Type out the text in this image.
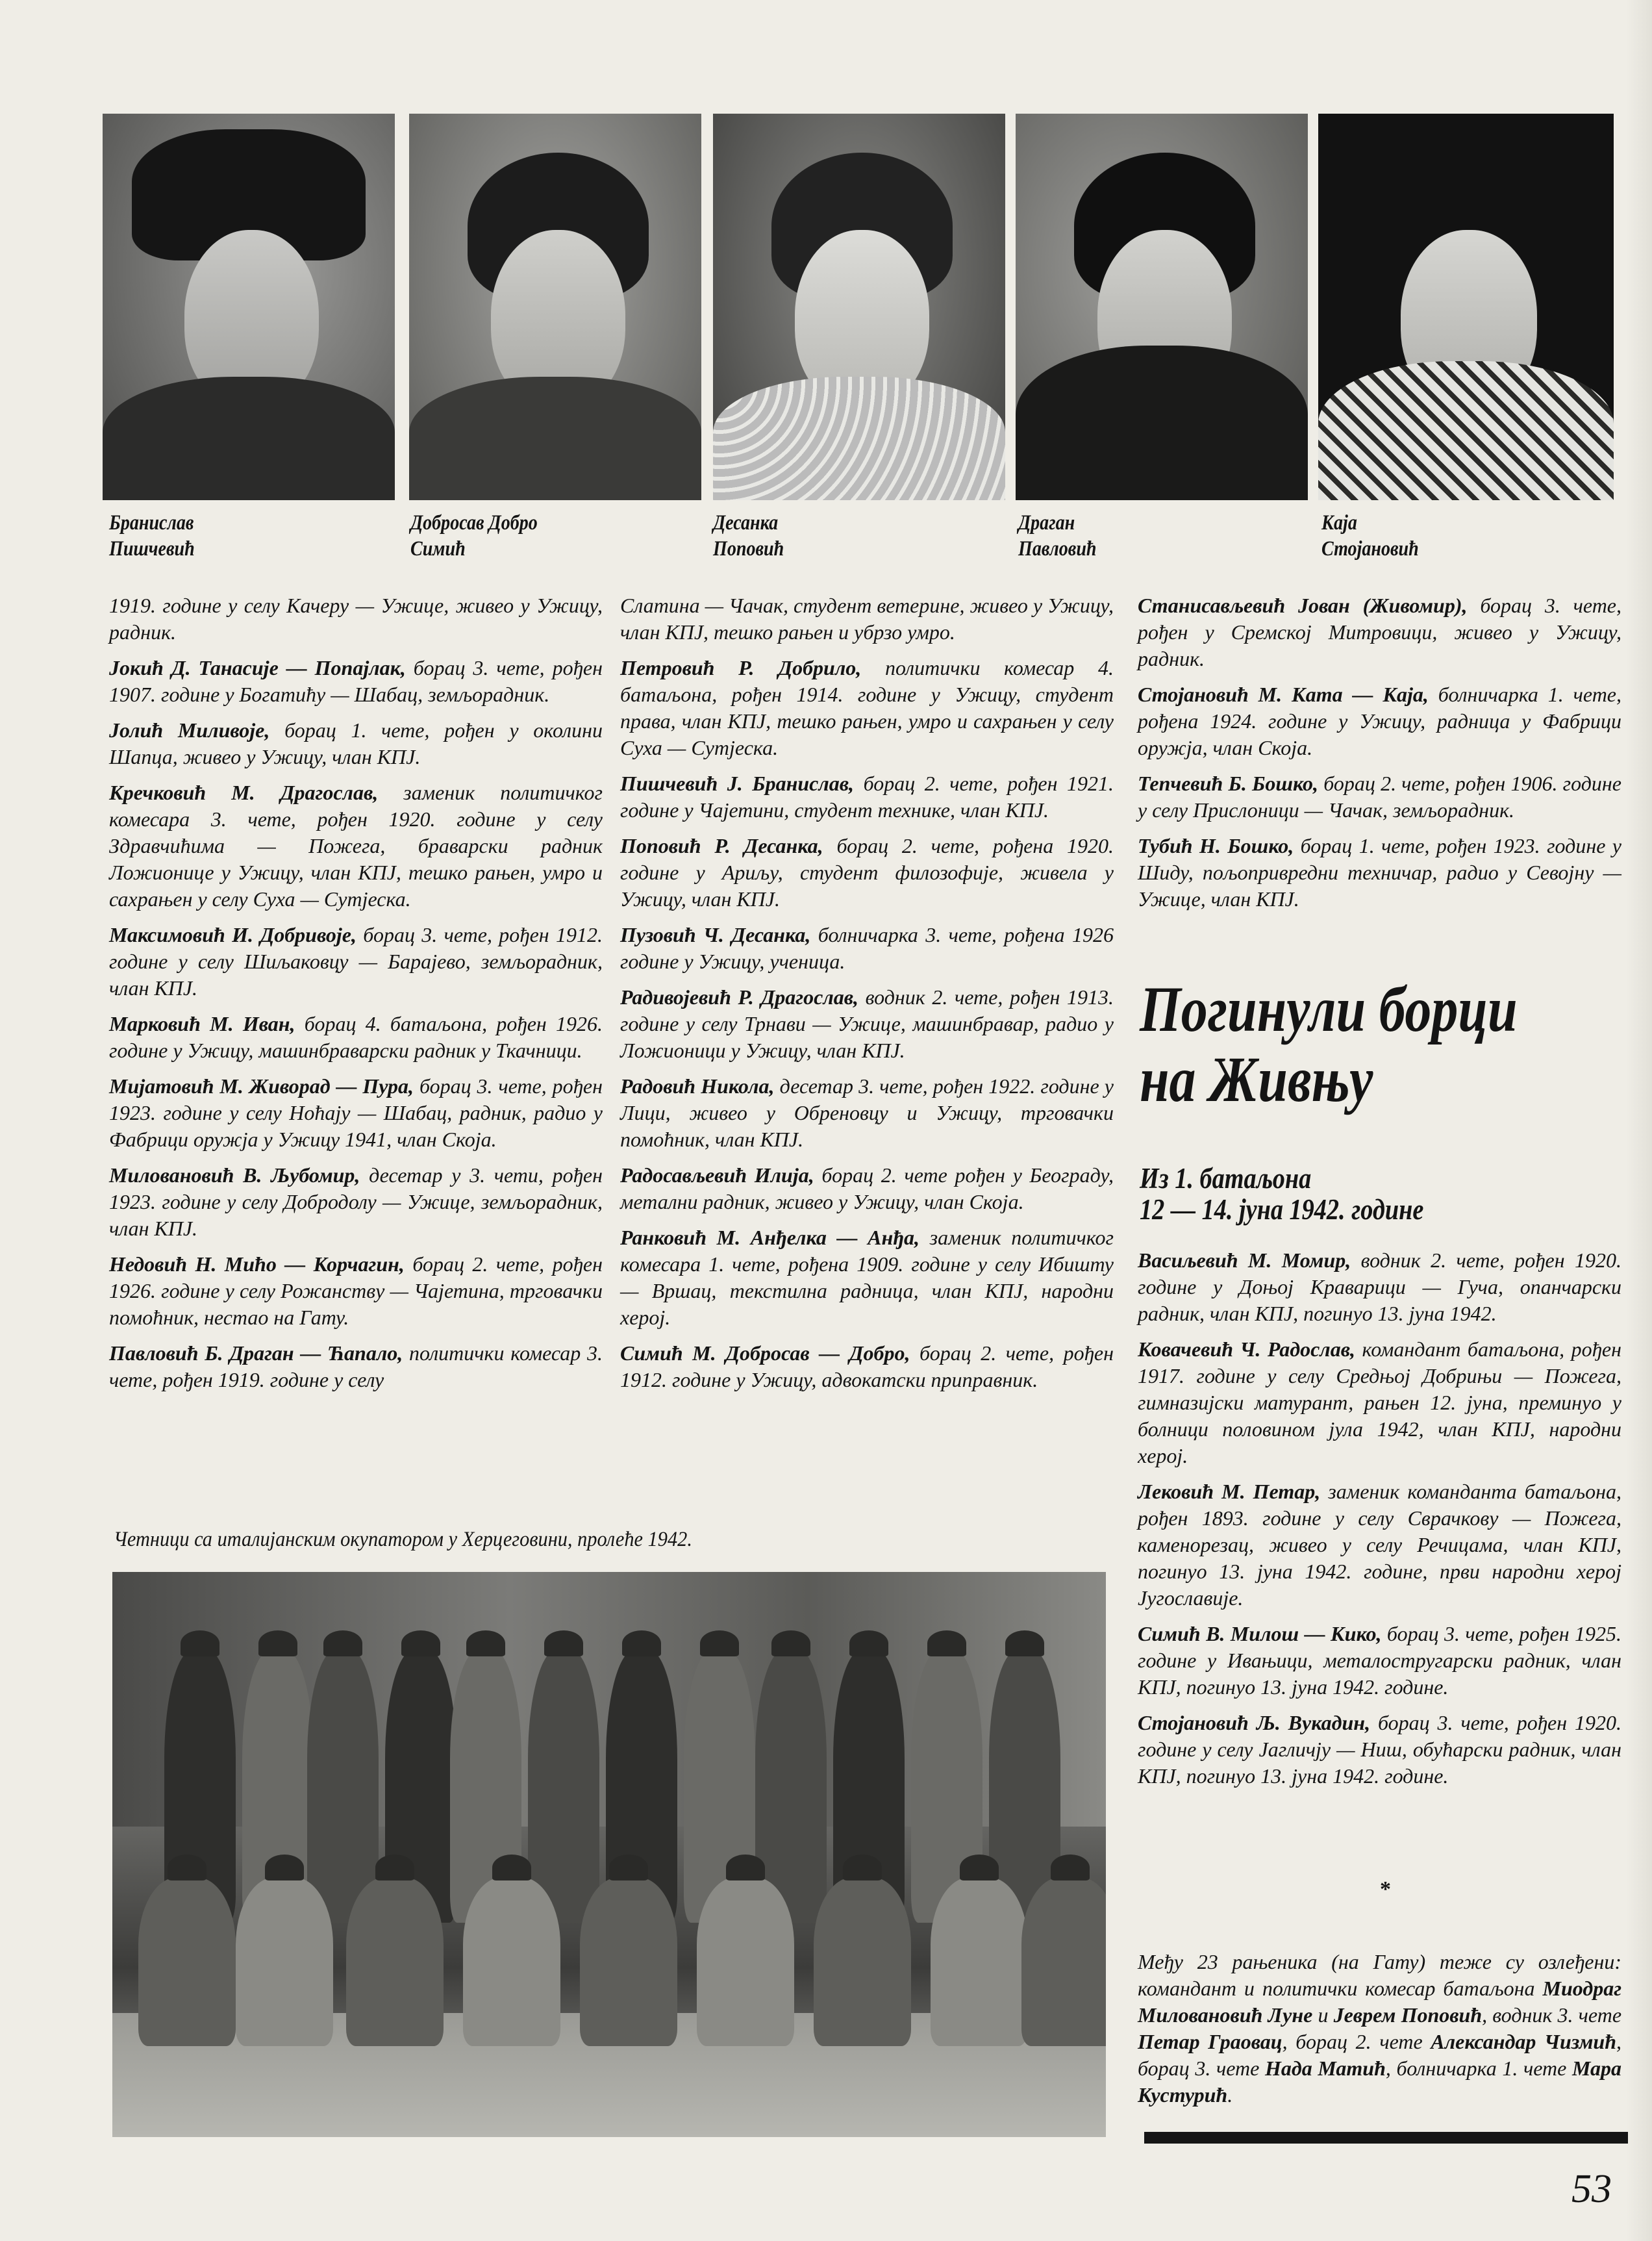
Бранислав
Пишчевић
Добросав Добро
Симић
Десанка
Поповић
Драган
Павловић
Каја
Стојановић

1919. године у селу Качеру — Ужице, живео у Ужицу, радник.

Јокић Д. Танасије — Попајлак, борац 3. чете, рођен 1907. године у Богатићу — Шабац, земљорадник.

Јолић Миливоје, борац 1. чете, рођен у околини Шапца, живео у Ужицу, члан КПЈ.

Кречковић М. Драгослав, заменик политичког комесара 3. чете, рођен 1920. године у селу Здравчићима — Пожега, браварски радник Ложионице у Ужицу, члан КПЈ, тешко рањен, умро и сахрањен у селу Суха — Сутјеска.

Максимовић И. Добривоје, борац 3. чете, рођен 1912. године у селу Шиљаковцу — Барајево, земљорадник, члан КПЈ.

Марковић М. Иван, борац 4. батаљона, рођен 1926. године у Ужицу, машинбраварски радник у Ткачници.

Мијатовић М. Живорад — Пура, борац 3. чете, рођен 1923. године у селу Нoћају — Шабац, радник, радио у Фабрици оружја у Ужицу 1941, члан Скоја.

Миловановић В. Љубомир, десетар у 3. чети, рођен 1923. године у селу Добродолу — Ужице, земљорадник, члан КПЈ.

Недовић Н. Мићо — Корчагин, борац 2. чете, рођен 1926. године у селу Рожанству — Чајетина, трговачки помоћник, нестао на Гату.

Павловић Б. Драган — Ћапало, политички комесар 3. чете, рођен 1919. године у селу

Слатина — Чачак, студент ветерине, живео у Ужицу, члан КПЈ, тешко рањен и убрзо умро.

Петровић Р. Добрило, политички комесар 4. батаљона, рођен 1914. године у Ужицу, студент права, члан КПЈ, тешко рањен, умро и сахрањен у селу Суха — Сутјеска.

Пишчевић Ј. Бранислав, борац 2. чете, рођен 1921. године у Чајетини, студент технике, члан КПЈ.

Поповић Р. Десанка, борац 2. чете, рођена 1920. године у Ариљу, студент филозофије, живела у Ужицу, члан КПЈ.

Пузовић Ч. Десанка, болничарка 3. чете, рођена 1926 године у Ужицу, ученица.

Радивојевић Р. Драгослав, водник 2. чете, рођен 1913. године у селу Трнави — Ужице, машинбравар, радио у Ложионици у Ужицу, члан КПЈ.

Радовић Никола, десетар 3. чете, рођен 1922. године у Лици, живео у Обреновцу и Ужицу, трговачки помоћник, члан КПЈ.

Радосављевић Илија, борац 2. чете рођен у Београду, метални радник, живео у Ужицу, члан Скоја.

Ранковић М. Анђелка — Анђа, заменик политичког комесара 1. чете, рођена 1909. године у селу Ибишту — Вршац, текстилна радница, члан КПЈ, народни херој.

Симић М. Добросав — Добро, борац 2. чете, рођен 1912. године у Ужицу, адвокатски приправник.

Станисављевић Јован (Живомир), борац 3. чете, рођен у Сремској Митровици, живео у Ужицу, радник.

Стојановић М. Катa — Каја, болничарка 1. чете, рођена 1924. године у Ужицу, радница у Фабрици оружја, члан Скоја.

Тепчевић Б. Бошко, борац 2. чете, рођен 1906. године у селу Прислоници — Чачак, земљорадник.

Тубић Н. Бошко, борац 1. чете, рођен 1923. године у Шиду, пољопривредни техничар, радио у Севојну — Ужице, члан КПЈ.

Погинули борци
на Живњу
Из 1. батаљона
12 — 14. јуна 1942. године

Васиљевић М. Момир, водник 2. чете, рођен 1920. године у Доњој Краварици — Гуча, опанчарски радник, члан КПЈ, погинуо 13. јуна 1942.

Ковачевић Ч. Радослав, командант батаљона, рођен 1917. године у селу Средњој Добрињи — Пожега, гимназијски матурант, рањен 12. јуна, преминуо у болници половином јула 1942, члан КПЈ, народни херој.

Лековић М. Петар, заменик команданта батаљона, рођен 1893. године у селу Сврачкову — Пожега, каменорезац, живео у селу Речицама, члан КПЈ, погинуо 13. јуна 1942. године, први народни херој Југославије.

Симић В. Милош — Кико, борац 3. чете, рођен 1925. године у Ивањици, металостругарски радник, члан КПЈ, погинуо 13. јуна 1942. године.

Стојановић Љ. Вукадин, борац 3. чете, рођен 1920. године у селу Јагличју — Ниш, обућарски радник, члан КПЈ, погинуо 13. јуна 1942. године.

*

Међу 23 рањеника (на Гату) теже су озлеђени: командант и политички комесар батаљона Миодраг Миловановић Луне и Јеврем Поповић, водник 3. чете Петар Граовац, борац 2. чете Александар Чизмић, борац 3. чете Нада Матић, болничарка 1. чете Мара Кустурић.

53
Четници са италијанским окупатором у Херцеговини, пролеће 1942.
